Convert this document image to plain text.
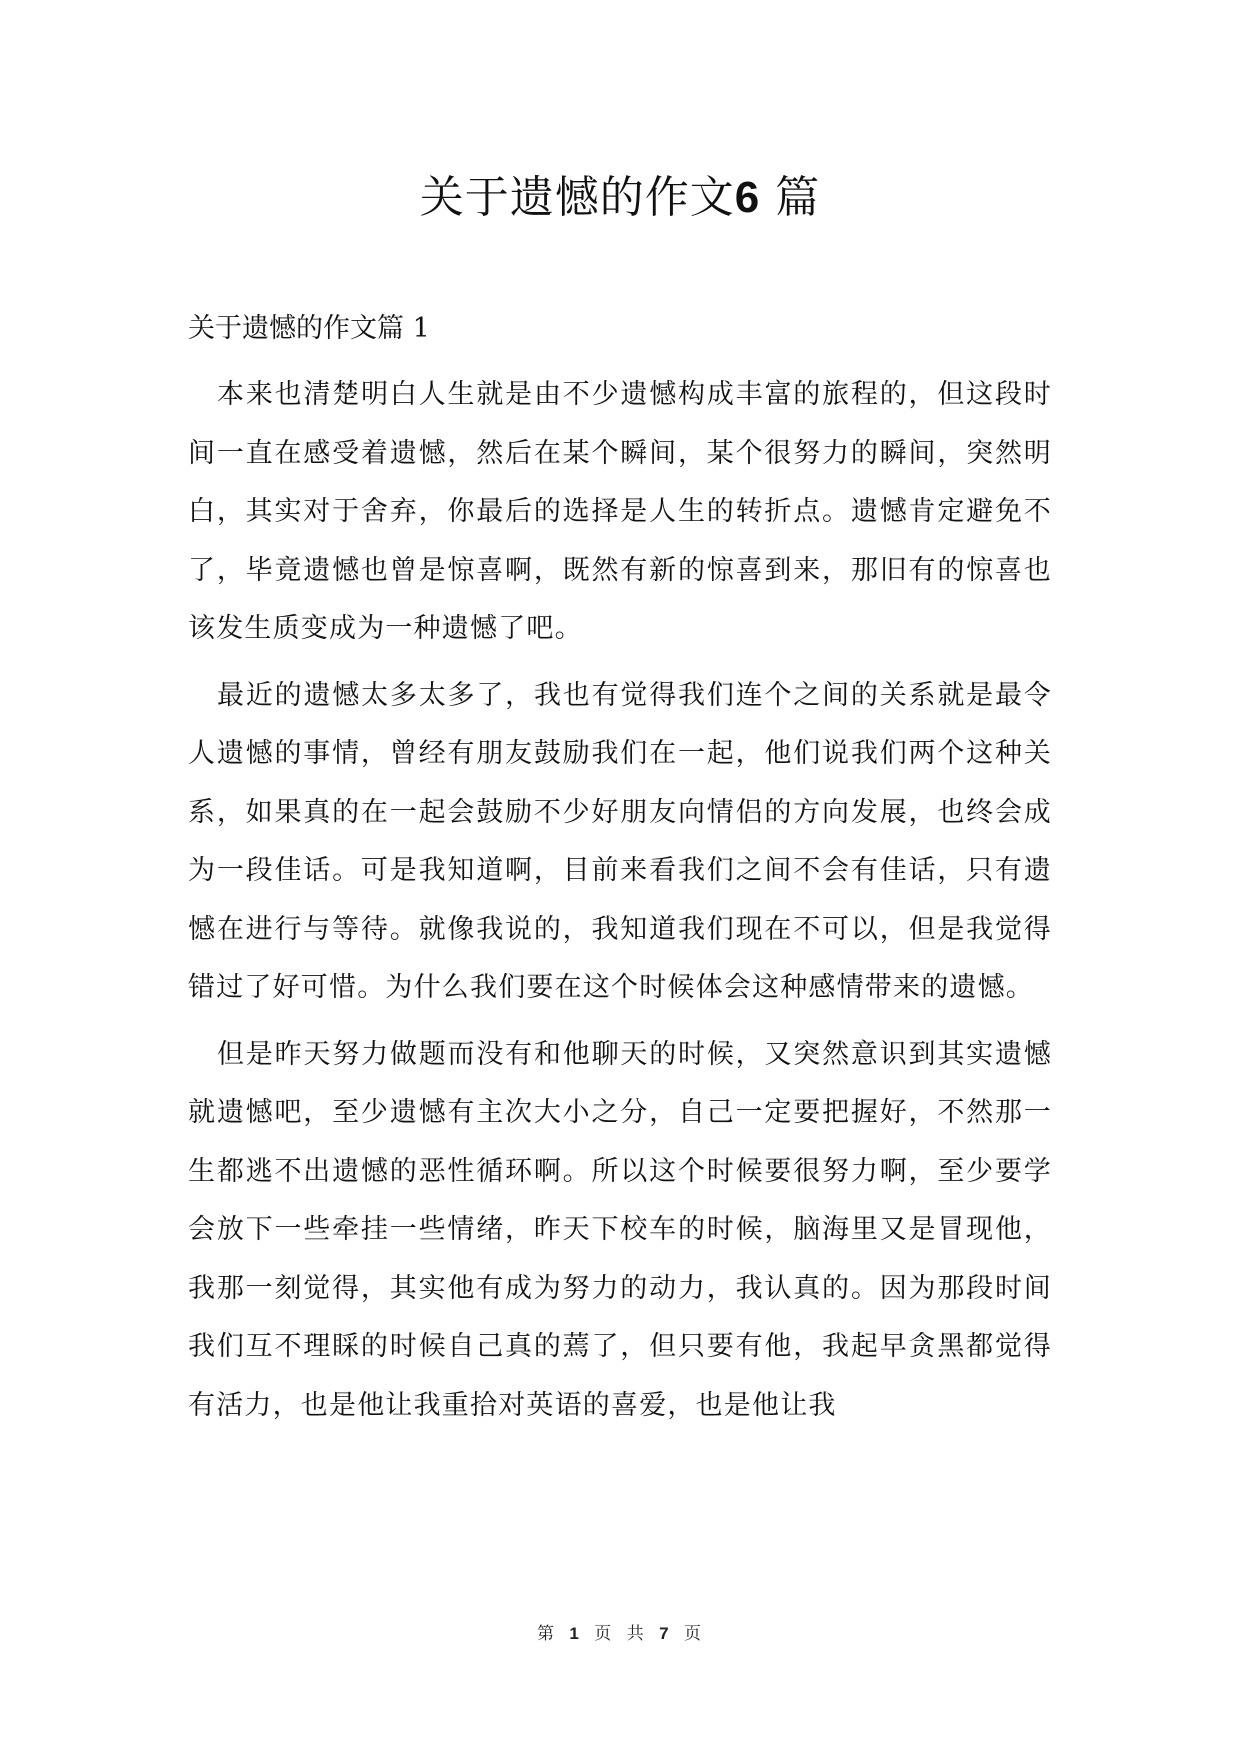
关于遗憾的作文6 篇
关于遗憾的作文篇 1

本来也清楚明白人生就是由不少遗憾构成丰富的旅程的，但这段时间一直在感受着遗憾，然后在某个瞬间，某个很努力的瞬间，突然明白，其实对于舍弃，你最后的选择是人生的转折点。遗憾肯定避免不了，毕竟遗憾也曾是惊喜啊，既然有新的惊喜到来，那旧有的惊喜也该发生质变成为一种遗憾了吧。

最近的遗憾太多太多了，我也有觉得我们连个之间的关系就是最令人遗憾的事情，曾经有朋友鼓励我们在一起，他们说我们两个这种关系，如果真的在一起会鼓励不少好朋友向情侣的方向发展，也终会成为一段佳话。可是我知道啊，目前来看我们之间不会有佳话，只有遗憾在进行与等待。就像我说的，我知道我们现在不可以，但是我觉得错过了好可惜。为什么我们要在这个时候体会这种感情带来的遗憾。

但是昨天努力做题而没有和他聊天的时候，又突然意识到其实遗憾就遗憾吧，至少遗憾有主次大小之分，自己一定要把握好，不然那一生都逃不出遗憾的恶性循环啊。所以这个时候要很努力啊，至少要学会放下一些牵挂一些情绪，昨天下校车的时候，脑海里又是冒现他，我那一刻觉得，其实他有成为努力的动力，我认真的。因为那段时间我们互不理睬的时候自己真的蔫了，但只要有他，我起早贪黑都觉得有活力，也是他让我重拾对英语的喜爱，也是他让我

第 1 页 共 7 页
